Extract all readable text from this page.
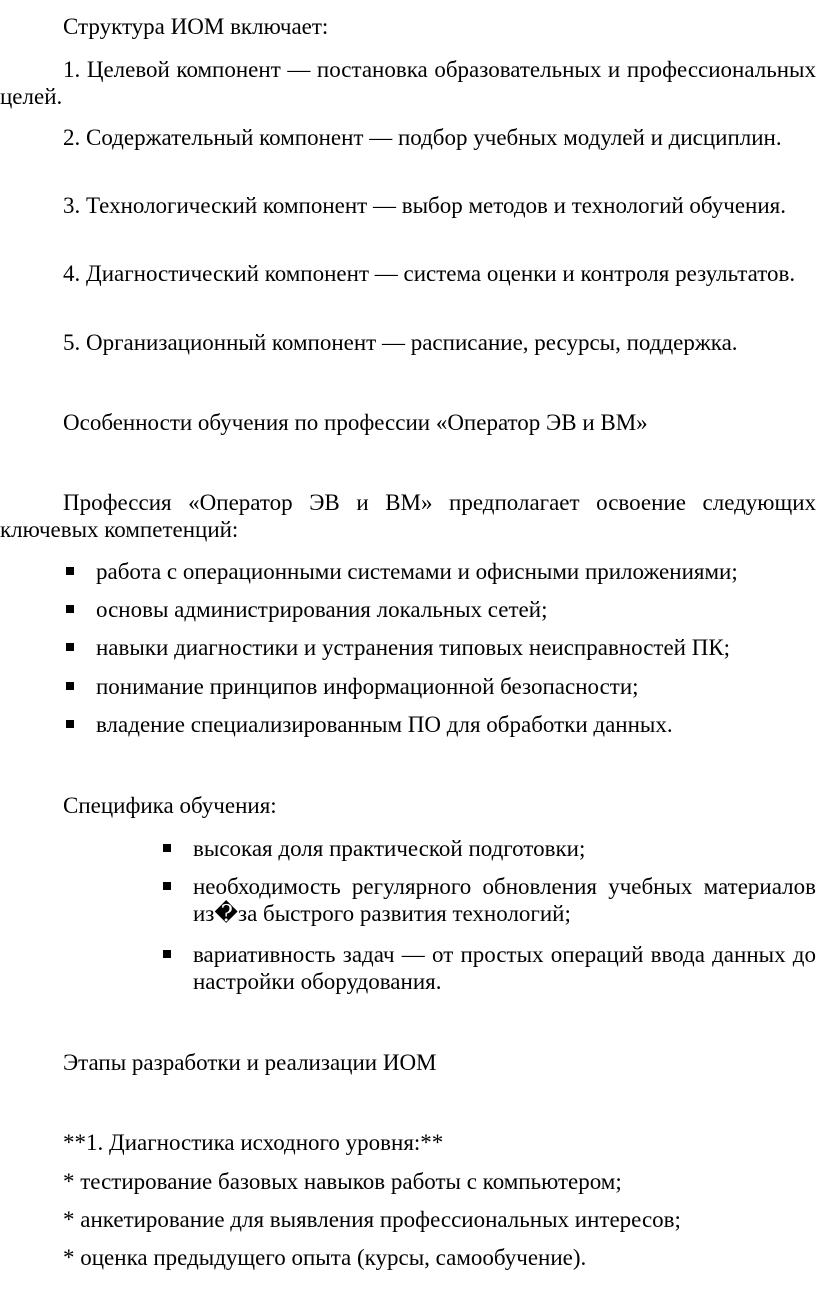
Структура ИОМ включает:

1. Целевой компонент — постановка образовательных и профессиональных целей.

2. Содержательный компонент — подбор учебных модулей и дисциплин.

3. Технологический компонент — выбор методов и технологий обучения.

4. Диагностический компонент — система оценки и контроля результатов.

5. Организационный компонент — расписание, ресурсы, поддержка.

Особенности обучения по профессии «Оператор ЭВ и ВМ»

Профессия «Оператор ЭВ и ВМ» предполагает освоение следующих ключевых компетенций:

работа с операционными системами и офисными приложениями;
основы администрирования локальных сетей;
навыки диагностики и устранения типовых неисправностей ПК;
понимание принципов информационной безопасности;
владение специализированным ПО для обработки данных.

Специфика обучения:

высокая доля практической подготовки;
необходимость регулярного обновления учебных материалов из�за быстрого развития технологий;
вариативность задач — от простых операций ввода данных до настройки оборудования.

Этапы разработки и реализации ИОМ

**1. Диагностика исходного уровня:**

* тестирование базовых навыков работы с компьютером;

* анкетирование для выявления профессиональных интересов;

* оценка предыдущего опыта (курсы, самообучение).
